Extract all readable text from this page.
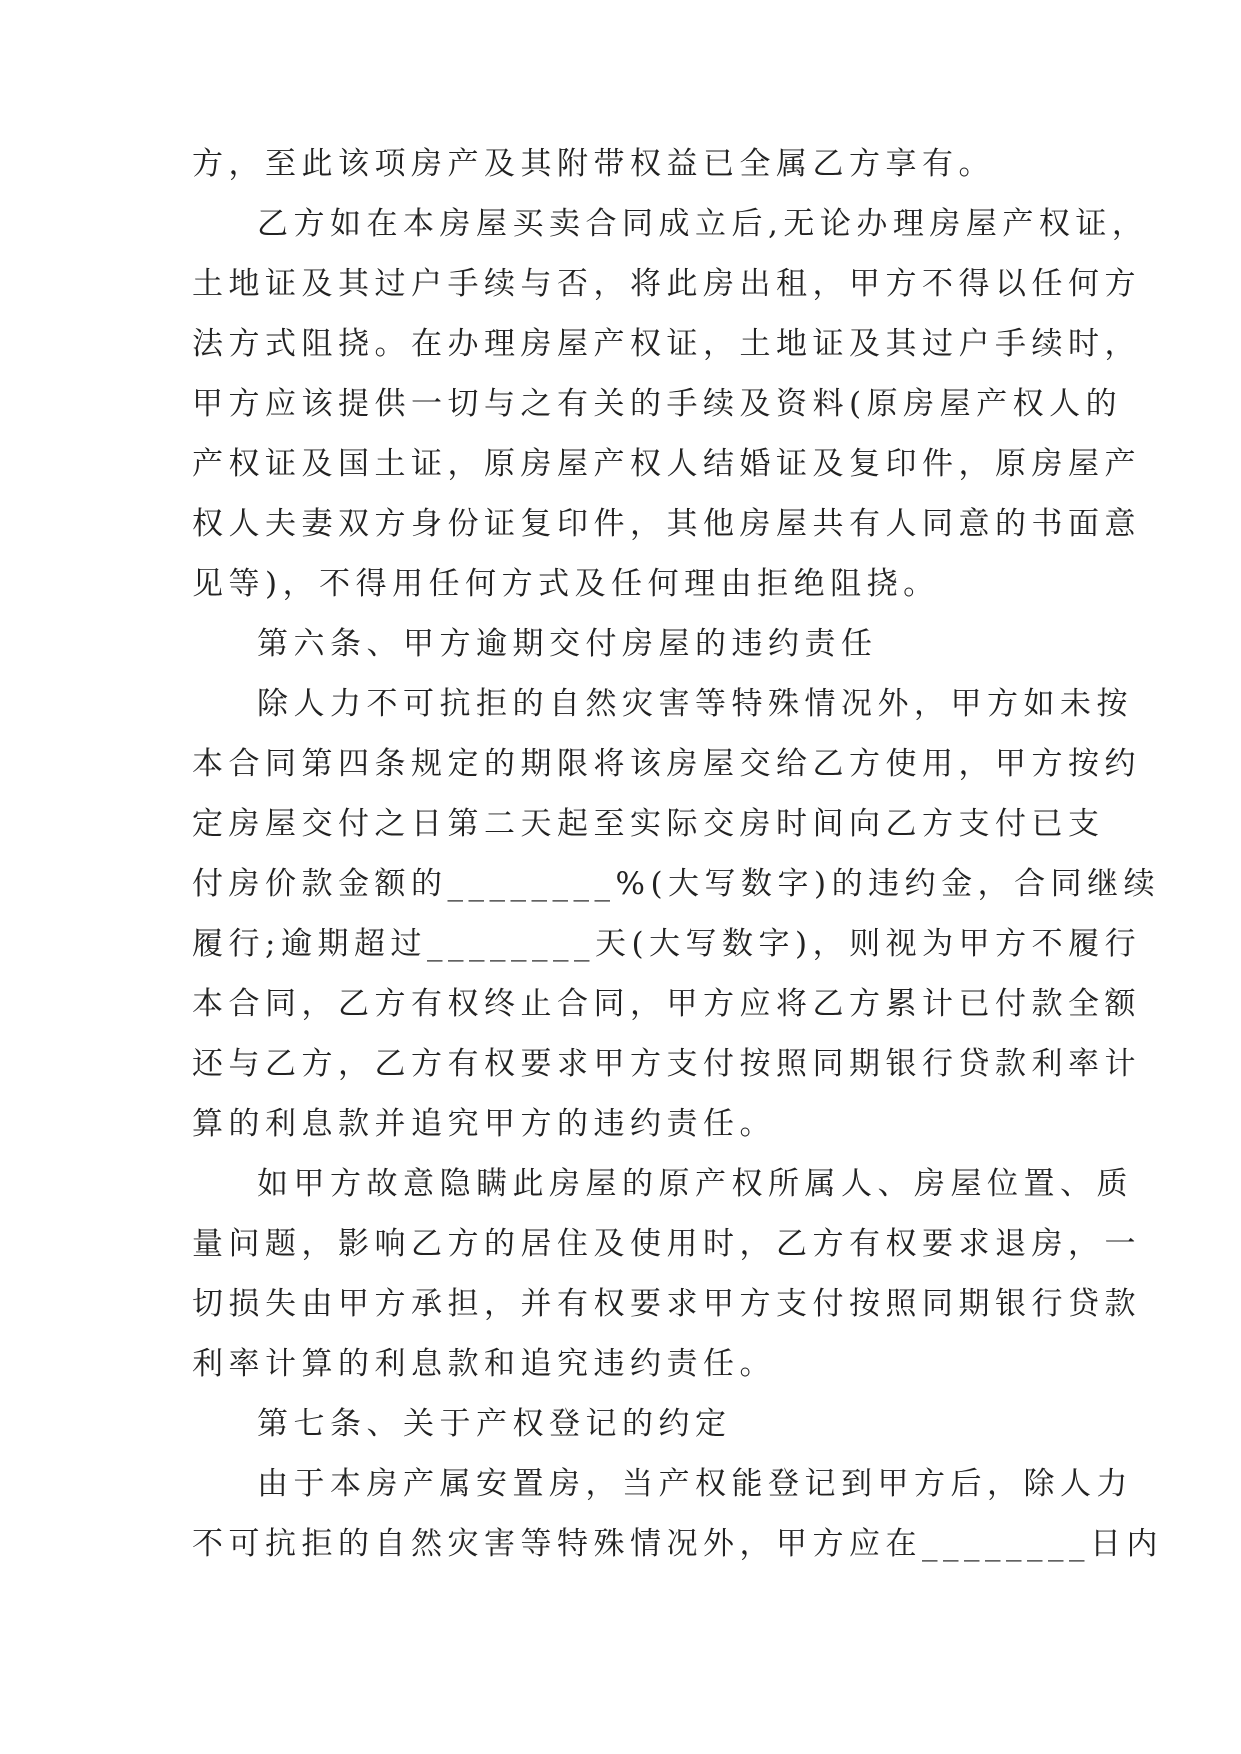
方，至此该项房产及其附带权益已全属乙方享有。
乙方如在本房屋买卖合同成立后,无论办理房屋产权证，
土地证及其过户手续与否，将此房出租，甲方不得以任何方
法方式阻挠。在办理房屋产权证，土地证及其过户手续时，
甲方应该提供一切与之有关的手续及资料(原房屋产权人的
产权证及国土证，原房屋产权人结婚证及复印件，原房屋产
权人夫妻双方身份证复印件，其他房屋共有人同意的书面意
见等)，不得用任何方式及任何理由拒绝阻挠。
第六条、甲方逾期交付房屋的违约责任
除人力不可抗拒的自然灾害等特殊情况外，甲方如未按
本合同第四条规定的期限将该房屋交给乙方使用，甲方按约
定房屋交付之日第二天起至实际交房时间向乙方支付已支
付房价款金额的________%(大写数字)的违约金，合同继续
履行;逾期超过________天(大写数字)，则视为甲方不履行
本合同，乙方有权终止合同，甲方应将乙方累计已付款全额
还与乙方，乙方有权要求甲方支付按照同期银行贷款利率计
算的利息款并追究甲方的违约责任。
如甲方故意隐瞒此房屋的原产权所属人、房屋位置、质
量问题，影响乙方的居住及使用时，乙方有权要求退房，一
切损失由甲方承担，并有权要求甲方支付按照同期银行贷款
利率计算的利息款和追究违约责任。
第七条、关于产权登记的约定
由于本房产属安置房，当产权能登记到甲方后，除人力
不可抗拒的自然灾害等特殊情况外，甲方应在________日内
